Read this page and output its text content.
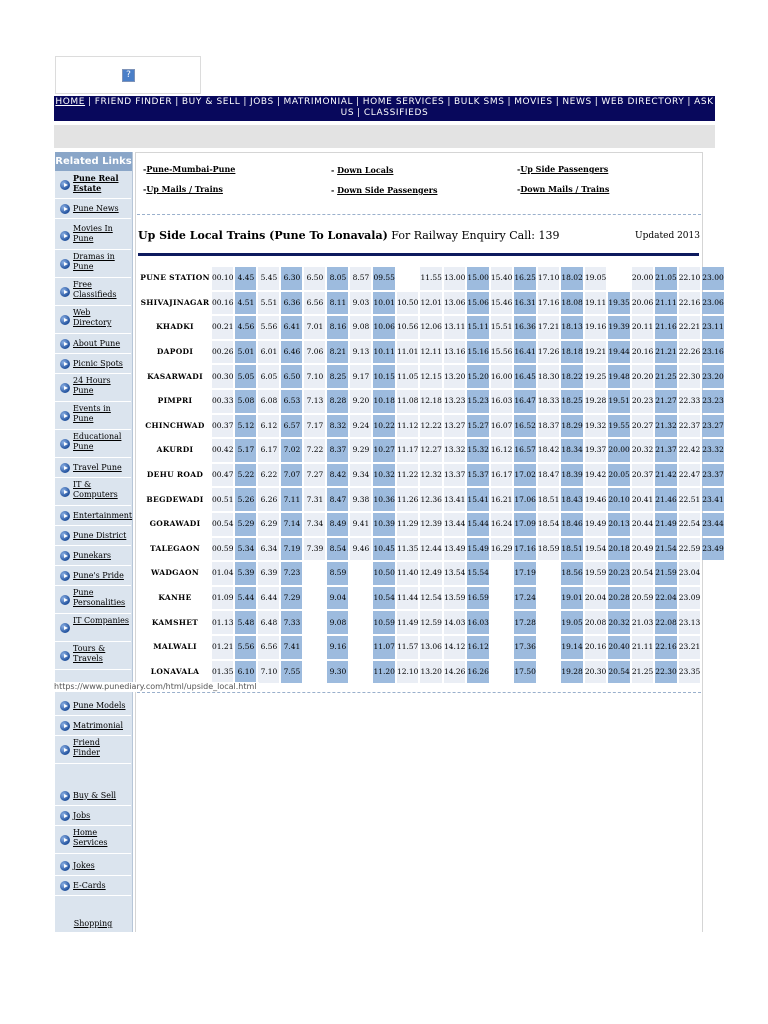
?
HOME | FRIEND FINDER | BUY & SELL | JOBS | MATRIMONIAL | HOME SERVICES | BULK SMS | MOVIES | NEWS | WEB DIRECTORY | ASK US | CLASSIFIEDS
Related Links
Pune Real Estate
Pune News
Movies In Pune
Dramas in Pune
Free Classifieds
Web Directory
About Pune
Picnic Spots
24 Hours Pune
Events in Pune
Educational Pune
Travel Pune
IT & Computers
Entertainment
Pune District
Punekars
Pune's Pride
Pune Personalities
IT Companies
Tours & Travels
Pune Models
Matrimonial
Friend Finder
Buy & Sell
Jobs
Home Services
Jokes
E-Cards
Shopping
-Pune-Mumbai-Pune	- Down Locals	-Up Side Passengers
-Up Mails / Trains	- Down Side Passengers	-Down Mails / Trains
Up Side Local Trains (Pune To Lonavala) For Railway Enquiry Call: 139	Updated 2013
PUNE STATION	00.10	4.45	5.45	6.30	6.50	8.05	8.57	09.55		11.55	13.00	15.00	15.40	16.25	17.10	18.02	19.05		20.00	21.05	22.10	23.00
SHIVAJINAGAR	00.16	4.51	5.51	6.36	6.56	8.11	9.03	10.01	10.50	12.01	13.06	15.06	15.46	16.31	17.16	18.08	19.11	19.35	20.06	21.11	22.16	23.06
KHADKI	00.21	4.56	5.56	6.41	7.01	8.16	9.08	10.06	10.56	12.06	13.11	15.11	15.51	16.36	17.21	18.13	19.16	19.39	20.11	21.16	22.21	23.11
DAPODI	00.26	5.01	6.01	6.46	7.06	8.21	9.13	10.11	11.01	12.11	13.16	15.16	15.56	16.41	17.26	18.18	19.21	19.44	20.16	21.21	22.26	23.16
KASARWADI	00.30	5.05	6.05	6.50	7.10	8.25	9.17	10.15	11.05	12.15	13.20	15.20	16.00	16.45	18.30	18.22	19.25	19.48	20.20	21.25	22.30	23.20
PIMPRI	00.33	5.08	6.08	6.53	7.13	8.28	9.20	10.18	11.08	12.18	13.23	15.23	16.03	16.47	18.33	18.25	19.28	19.51	20.23	21.27	22.33	23.23
CHINCHWAD	00.37	5.12	6.12	6.57	7.17	8.32	9.24	10.22	11.12	12.22	13.27	15.27	16.07	16.52	18.37	18.29	19.32	19.55	20.27	21.32	22.37	23.27
AKURDI	00.42	5.17	6.17	7.02	7.22	8.37	9.29	10.27	11.17	12.27	13.32	15.32	16.12	16.57	18.42	18.34	19.37	20.00	20.32	21.37	22.42	23.32
DEHU ROAD	00.47	5.22	6.22	7.07	7.27	8.42	9.34	10.32	11.22	12.32	13.37	15.37	16.17	17.02	18.47	18.39	19.42	20.05	20.37	21.42	22.47	23.37
BEGDEWADI	00.51	5.26	6.26	7.11	7.31	8.47	9.38	10.36	11.26	12.36	13.41	15.41	16.21	17.06	18.51	18.43	19.46	20.10	20.41	21.46	22.51	23.41
GORAWADI	00.54	5.29	6.29	7.14	7.34	8.49	9.41	10.39	11.29	12.39	13.44	15.44	16.24	17.09	18.54	18.46	19.49	20.13	20.44	21.49	22.54	23.44
TALEGAON	00.59	5.34	6.34	7.19	7.39	8.54	9.46	10.45	11.35	12.44	13.49	15.49	16.29	17.16	18.59	18.51	19.54	20.18	20.49	21.54	22.59	23.49
WADGAON	01.04	5.39	6.39	7.23		8.59		10.50	11.40	12.49	13.54	15.54		17.19		18.56	19.59	20.23	20.54	21.59	23.04	
KANHE	01.09	5.44	6.44	7.29		9.04		10.54	11.44	12.54	13.59	16.59		17.24		19.01	20.04	20.28	20.59	22.04	23.09	
KAMSHET	01.13	5.48	6.48	7.33		9.08		10.59	11.49	12.59	14.03	16.03		17.28		19.05	20.08	20.32	21.03	22.08	23.13	
MALWALI	01.21	5.56	6.56	7.41		9.16		11.07	11.57	13.06	14.12	16.12		17.36		19.14	20.16	20.40	21.11	22.16	23.21	
LONAVALA	01.35	6.10	7.10	7.55		9.30		11.20	12.10	13.20	14.26	16.26		17.50		19.28	20.30	20.54	21.25	22.30	23.35	
https://www.punediary.com/html/upside_local.html
